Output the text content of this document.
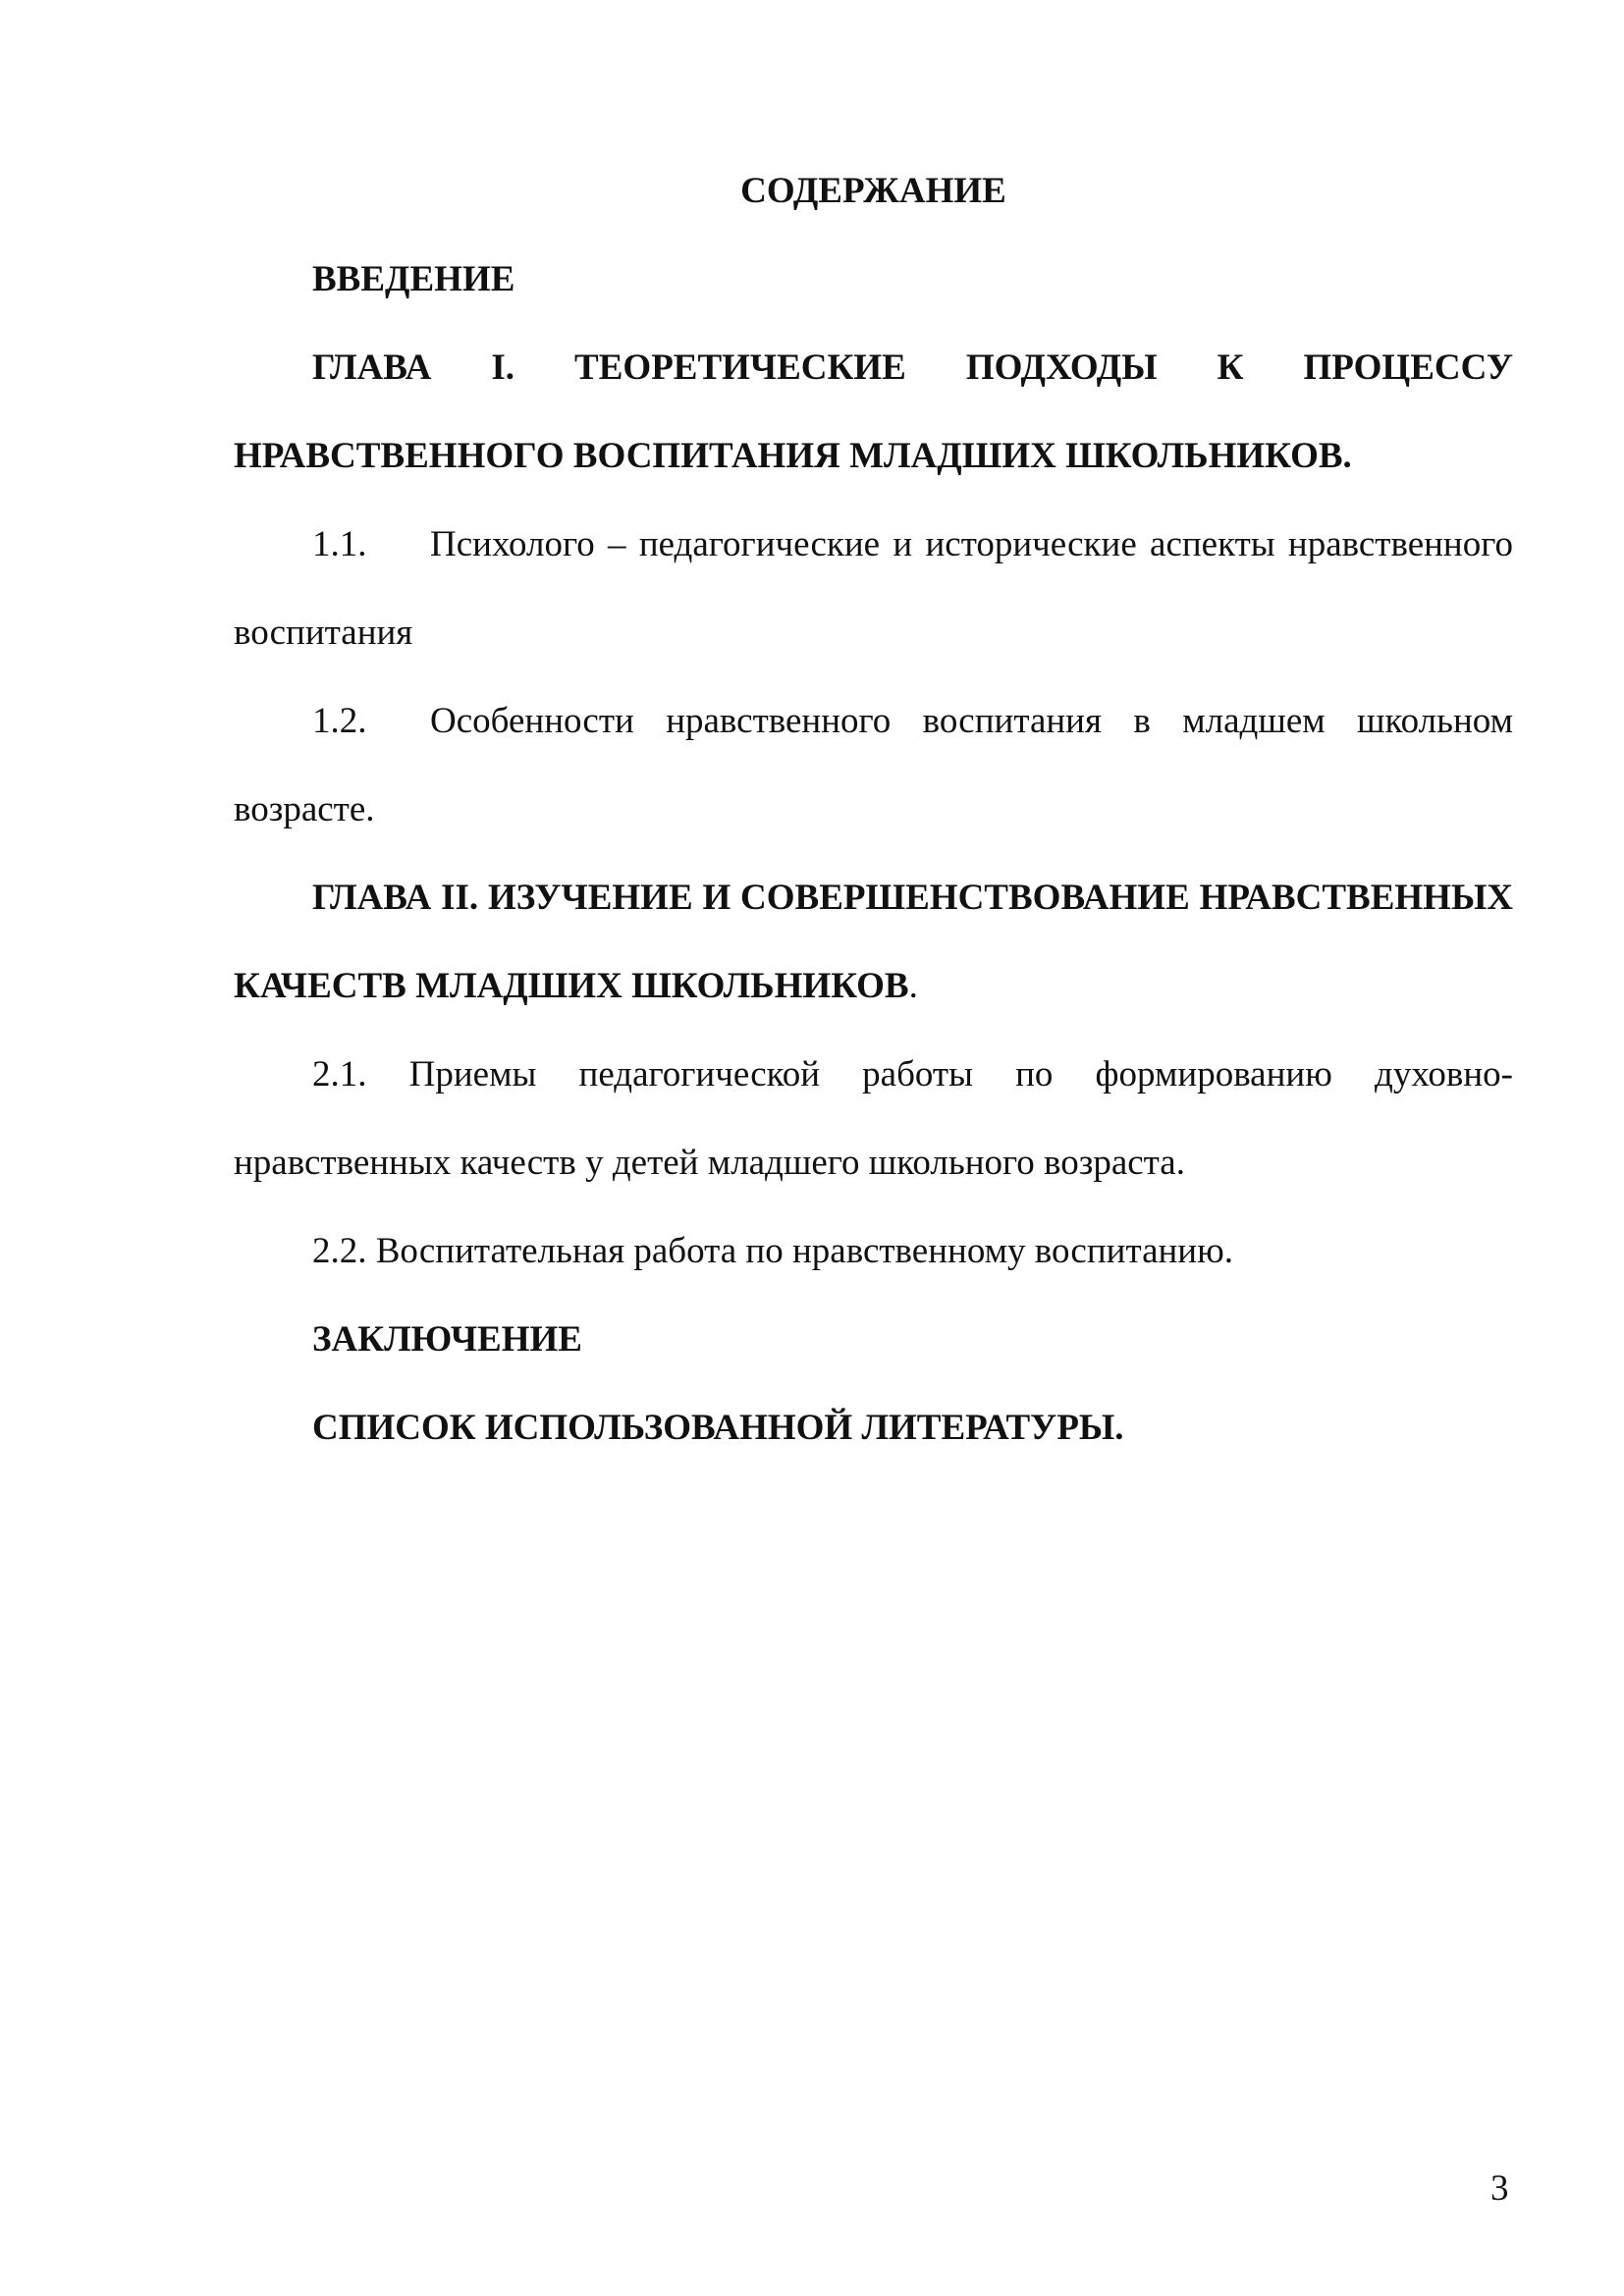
СОДЕРЖАНИЕ

ВВЕДЕНИЕ

ГЛАВА I. ТЕОРЕТИЧЕСКИЕ ПОДХОДЫ К ПРОЦЕССУ НРАВСТВЕННОГО ВОСПИТАНИЯ МЛАДШИХ ШКОЛЬНИКОВ.

1.1. Психолого – педагогические и исторические аспекты нравственного воспитания

1.2. Особенности нравственного воспитания в младшем школьном возрасте.

ГЛАВА II. ИЗУЧЕНИЕ И СОВЕРШЕНСТВОВАНИЕ НРАВСТВЕННЫХ КАЧЕСТВ МЛАДШИХ ШКОЛЬНИКОВ.

2.1. Приемы педагогической работы по формированию духовно-нравственных качеств у детей младшего школьного возраста.

2.2. Воспитательная работа по нравственному воспитанию.

ЗАКЛЮЧЕНИЕ

СПИСОК ИСПОЛЬЗОВАННОЙ ЛИТЕРАТУРЫ.

3
